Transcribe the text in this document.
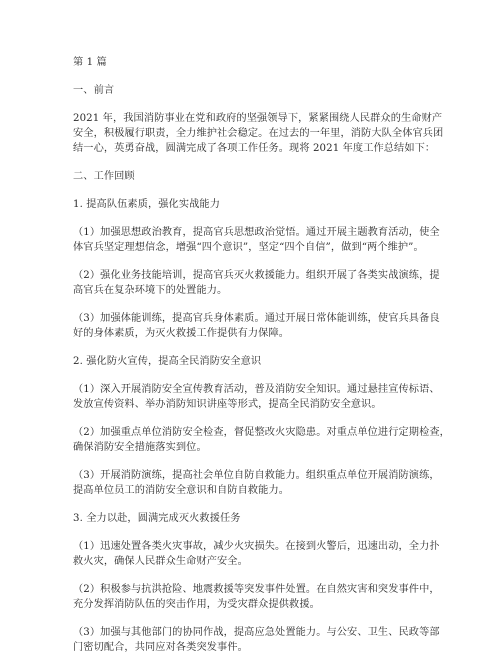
第 1 篇
一、前言
2021 年，我国消防事业在党和政府的坚强领导下，紧紧围绕人民群众的生命财产
安全，积极履行职责，全力维护社会稳定。在过去的一年里，消防大队全体官兵团
结一心，英勇奋战，圆满完成了各项工作任务。现将 2021 年度工作总结如下：
二、工作回顾
1. 提高队伍素质，强化实战能力
（1）加强思想政治教育，提高官兵思想政治觉悟。通过开展主题教育活动，使全
体官兵坚定理想信念，增强“四个意识”，坚定“四个自信”，做到“两个维护”。
（2）强化业务技能培训，提高官兵灭火救援能力。组织开展了各类实战演练，提
高官兵在复杂环境下的处置能力。
（3）加强体能训练，提高官兵身体素质。通过开展日常体能训练，使官兵具备良
好的身体素质，为灭火救援工作提供有力保障。
2. 强化防火宣传，提高全民消防安全意识
（1）深入开展消防安全宣传教育活动，普及消防安全知识。通过悬挂宣传标语、
发放宣传资料、举办消防知识讲座等形式，提高全民消防安全意识。
（2）加强重点单位消防安全检查，督促整改火灾隐患。对重点单位进行定期检查，
确保消防安全措施落实到位。
（3）开展消防演练，提高社会单位自防自救能力。组织重点单位开展消防演练，
提高单位员工的消防安全意识和自防自救能力。
3. 全力以赴，圆满完成灭火救援任务
（1）迅速处置各类火灾事故，减少火灾损失。在接到火警后，迅速出动，全力扑
救火灾，确保人民群众生命财产安全。
（2）积极参与抗洪抢险、地震救援等突发事件处置。在自然灾害和突发事件中，
充分发挥消防队伍的突击作用，为受灾群众提供救援。
（3）加强与其他部门的协同作战，提高应急处置能力。与公安、卫生、民政等部
门密切配合，共同应对各类突发事件。
